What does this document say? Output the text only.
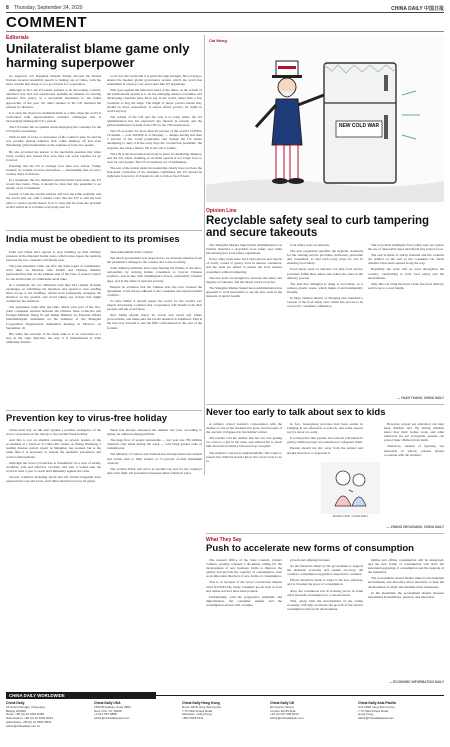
8 Thursday, September 24, 2020	CHINA DAILY 中国日报
COMMENT
Editorials
Unilateralist blame game only harming superpower

As expected, US President Donald Trump devoted his United Nations General Assembly speech to lashing out at China, with the more volatile that doing so is a good basis for cooperation.

Although in fact, the US leader seemed to be advocating a strictly unrelated way that was enormously harmful, he insisted on viewing America first policy as a successful alternative to the failed approaches of the past. No other speaker at the UN matched his passion for division.

It is clear the choice for multilateralism at a time when the world is confronted with unprecedented common challenges that is increasingly making the US a pariah.

The US leader felt no qualms about displaying his contempt for the UN and its resolutions.

With no hint of irony or awareness of his country's past, he said he was proudly putting America first, while shutting off and even threatening global institutions at the expense of forty-two people.

He also provided the answer to the inevitable question that when every country just looked first, how they can work together we go forward.

Ensuring that the US is stronger now than ever before, Trump boasted, no wonder we have had before — and kinship: that we run a country that's in distress.

In a statement, the two ministers said that had it been alone, the US would fare better. Thus, it should be clear that this pandemic is an enemy of all of mankind.

Sooner or later the world's nations will face the same problem, and the world will say with a united voice that the UN is still the best place to resolve global issues. So it is clear that he treats the problem as that which he is to blame everybody else for.

to all over the world and it is peace through strength. He is trying to shatter the modern global governance system, which the world has established at a heavy cost, and would like US hegemony.

That goes against the historical trend of the times, as the reform of the international system is to let the emerging market economies and developing countries have more say in the world, rather than a few countries to hog the stage. The might of major powers means they should be more responsible. It cannot afford poverty for rights in world anyway.

The reform of the UN and the way it is today where the US administration has not expressed any interest in reform, and the global multilateral system at the UN for the 75th anniversary.

The US accounts for more than 20 percent of the world's COVID-19 deaths — over 200,000 as of Monday — despite having less than 5 percent of the world population, and though the US leader attempting to deny it in the early days the coronavirus pandemic, the response has been a failure. He is the one to blame.

The UN is the most important body in place for mediating disputes, and the US, while claiming as its main speech is not forget how to treat its own people. The US accusations are of selfishness.

The rest of the nation under his leadership clearly does not have the first-hand conviction of the mistakes committed, the US should be right here forward to if it heeds its call to follow the US lead.

India must be obedient to its promises

India and China have agreed to stop building up their military presence in the disputed border areas, which raises hopes the tensions between the two countries will finally ease.

The joint statement came out after the sixth round of commander-level talks on Monday, after Indian and Chinese military representatives met on the Chinese side of the Line of Actual Control for the sixth round of commander-level talks.

In a statement, the two militaries said they had candid, in-depth exchanges on stabilizing the situation, and agreed to stop sending more troops to the frontline, refrain from unilaterally changing the situation on the ground, and avoid taking any actions that might complicate the situation.

The agreement came after the talks, which were part of the five-point consensus reached between the Chinese State Councilor and Foreign Minister Wang Yi and Indian Minister for External Affairs Subrahmanyam Jaishankar on the sidelines of the Shanghai Cooperation Organization ministerial meeting in Moscow on September 10.

But while the outcome of the latest talks is to be welcomed as a step in the right direction, the way it is implemented is what ultimately matters.

ultra-nationalism in the country.

The Modi government was suspected to be drawing attention from the pandemic's damage to the country and to the economy.

Some Indian politicians have been fanning the flames of the ultra-nationalists by inciting Indian consumers to boycott Chinese products, and in line with Washington's moves, particularly Chinese apps, and in the name of national security.

Despite no evidence that the Chinese side has ever violated the agreement, it has always adhered to the consensus and rejected armed conflicts.

To New Delhi: it should assure the world for the world's two largest developing countries that cooperation will benefit both their peoples and the world more.

New Delhi should honor its words and avoid any future provocations, and make sure the border situation is stabilized. That is the best way forward to end the fifth confrontation in the area of the frontier.

Prevention key to virus-free holiday

China must stay on full alert against a possible resurgence of the novel coronavirus in the run-up to the Golden Week holiday.

And this is not an alarmist warning, as several leaders of the economists at a 'teach-in' to China this winter, as Zhang Wenhong, a leading disease control expert in Shanghai, has warned, but at the same time it is necessary to sustain the epidemic prevention and control achievements.

Although the novel coronavirus is transmitted via a host of widely available, safe and effective vaccines, and said it would take the world at least a year to reach herd immunity against the virus.

Several countries including Spain and the United Kingdom have experienced a second wave, and China should not lower its guard.

Week had already surpassed the number last year, according to Qunar, an online booking platform.

The huge flow of people nationwide — last year saw 782 million domestic trips made during the week — will bring greater risks of transmission.

The Ministry of Culture and Tourism has already instructed cultural and tourist sites to limit visitors at 75 percent of their maximum capacity.

The Golden Week will serve as another big test for the country's anti-virus fight. All prevention measures must remain in place.

Cai Meng
NEW COLD WAR
Opinion Line
Recyclable safety seal to curb tampering and secure takeouts

The Shanghai Market Supervision Administration on Sunday launched a recyclable food safety seal while introducing new food safety regulations.

Every other week there have been photos and reports of overly coated or greasy food in takeout containers, and the seals are aimed to ensure the food reaches consumers without tampering.

The new seals are designed to increase the safety and hygiene of takeouts, and the labels can be recycled.

The Shanghai Market Supervision Administration has appealed to local merchants to use the new seals in the interests of public health.

food safety seals on takeouts.

The new regulation specifies the hygienic standards for the catering service providers, deliverers, personnel and consumers, so that each party plays its role in ensuring food safety.

Food safety seals on takeouts can help food service providers fulfill their duties and reduce the risks in the delivery process.

The seal that Shanghai is using is recyclable, so it reduces plastic waste, which makes it environmentally friendly.

In May, Taizhou district of Zhejiang also launched a version of the food safety seal, which has proved to be a boost for consumer confidence.

The recyclable intelligent food safety seal can reduce the use of disposable tapes and effectively protect food.

The seal is made of sturdy material and the contents are printed on the seal so the consumer can check whether it has been opened along the way.

Hopefully the seals will be used throughout the country, contributing to both food safety and the environment.

Only this can bring the level of the fast-food delivery service up to a new height.

— YUAN YUANG, CHINA DAILY
Never too early to talk about sex to kids

A primary school teacher's conversation with the mother of one of her students has gone viral because of the reaction it triggered in the mother's mind.

The teacher told the mother that her son was getting too close to a girl in his class, and advised her to teach him about the boundary between boys and girls.

The mother's concern is understandable. She wants to protect her child but doesn't know the correct way to do so.

In fact, Guangdong province had been earlier in bringing in sex education at schools, and some experts say it's never too early.

It is important that parents and schools join hands in giving children proper sex education to safeguard them.

Parents should not shy away from the subject and should learn how to approach it.

ZHONG JINYE / CHINA DAILY

However, proper sex education can help keep children safe. By letting children know how their bodies work, and what behaviors are not acceptable, parents can protect their children from harm.

Therefore, instead of ignoring sex education in school, parents should cooperate with the teachers.

— ZHANG ZHOUXIANG, CHINA DAILY
What They Say
Push to accelerate new forms of consumption

The General Office of the State Council, China's Cabinet, recently released a document calling for the development of new business forms to improve the quality and provide the capacity of consumption, seen as an important direction of new forms of consumption.

This is so because of the novel coronavirus disease 2019 (COVID-19), many consumer goods such as food and online services have been popular.

Undoubtedly, with the progressive pandemic and digitalization, the consumer market and the consumption service will continue.

growth and aligning incomes.

As the measures taken by the government to support the domestic economy and sustain recovery, the country's consumption upgrade is expected to continue.

Efforts should be made to adapt to the new situation, and to broaden the space of consumption.

Also, the continuous rise in housing prices in some cities has held consumption to a certain extent.

This, along with the development of the online economy, will help accelerate the growth of the service consumption and social development.

Online and offline consumption will be integrated, and the new forms of consumption will drive the sustained upgrading of consumption and the upgrade of the industries.

The government should further improve the business environment and introduce more measures to help the development of small and medium-sized businesses.

In the meantime, the government should increase investment in healthcare, pension, and education.

— ECONOMIC INFORMATION DAILY
CHINA DAILY WORLDWIDE
China Daily
15 Huixin Dongjie, Chaoyang,
Beijing 100029
News: +86 (0) 10 6491-8366
Subscription: +86 (0) 10 6491-8631
Advertising: +86 (0) 10 6491-8631
editor@chinadaily.com.cn
China Daily USA
1500 Broadway, Suite 2800,
New York, NY 10036
+1 212 537 8888
editor@chinadailyusa.com
China Daily Hong Kong
Room 1818, Hing Wai Centre,
7 Tin Wan Praya Road,
Aberdeen, Hong Kong
+852 2518 5111
China Daily UK
90 Cannon Street,
London EC4N 6HA
+44 (0) 207 398 8270
editor@chinadailyuk.com
China Daily Asia Pacific
Unit 1818, Hing Wai Centre,
7 Tin Wan Praya Road,
Hong Kong
editor@chinadailyasia.com
